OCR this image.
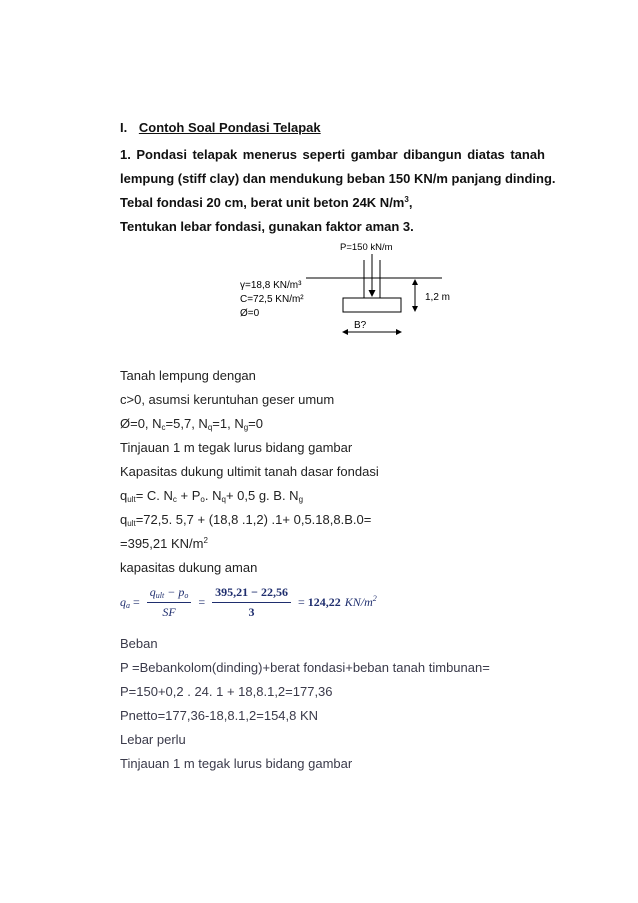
I. Contoh Soal Pondasi Telapak
1. Pondasi telapak menerus seperti gambar dibangun diatas tanah
lempung (stiff clay) dan mendukung beban 150 KN/m panjang dinding.
Tebal fondasi 20 cm, berat unit beton 24K $N/m^3$,
Tentukan lebar fondasi, gunakan faktor aman 3.
P=150 kN/m
γ=18,8 KN/m³
C=72,5 KN/m²
Ø=0
1,2 m
B?
Tanah lempung dengan
c>0, asumsi keruntuhan geser umum
Ø=0, $N_c=5,7$, $N_q=1$, $N_g=0$
Tinjauan 1 m tegak lurus bidang gambar
Kapasitas dukung ultimit tanah dasar fondasi
$q_{ult}= C$. $N_c + P_o$. $N_q+ 0,5$ g. B. $N_g$
$q_{ult}=72,5$. 5,7 + (18,8 .1,2) .1+ 0,5.18,8.B.0=
=395,21 $KN/m^2$
kapasitas dukung aman
$q_a = \frac{q_{ult} - p_o}{SF} = \frac{395,21 - 22,56}{3} = 124,22$ $KN/m^2$
Beban
P =Bebankolom(dinding)+berat fondasi+beban tanah timbunan=
P=150+0,2 . 24. 1 + 18,8.1,2=177,36
Pnetto=177,36-18,8.1,2=154,8 KN
Lebar perlu
Tinjauan 1 m tegak lurus bidang gambar
